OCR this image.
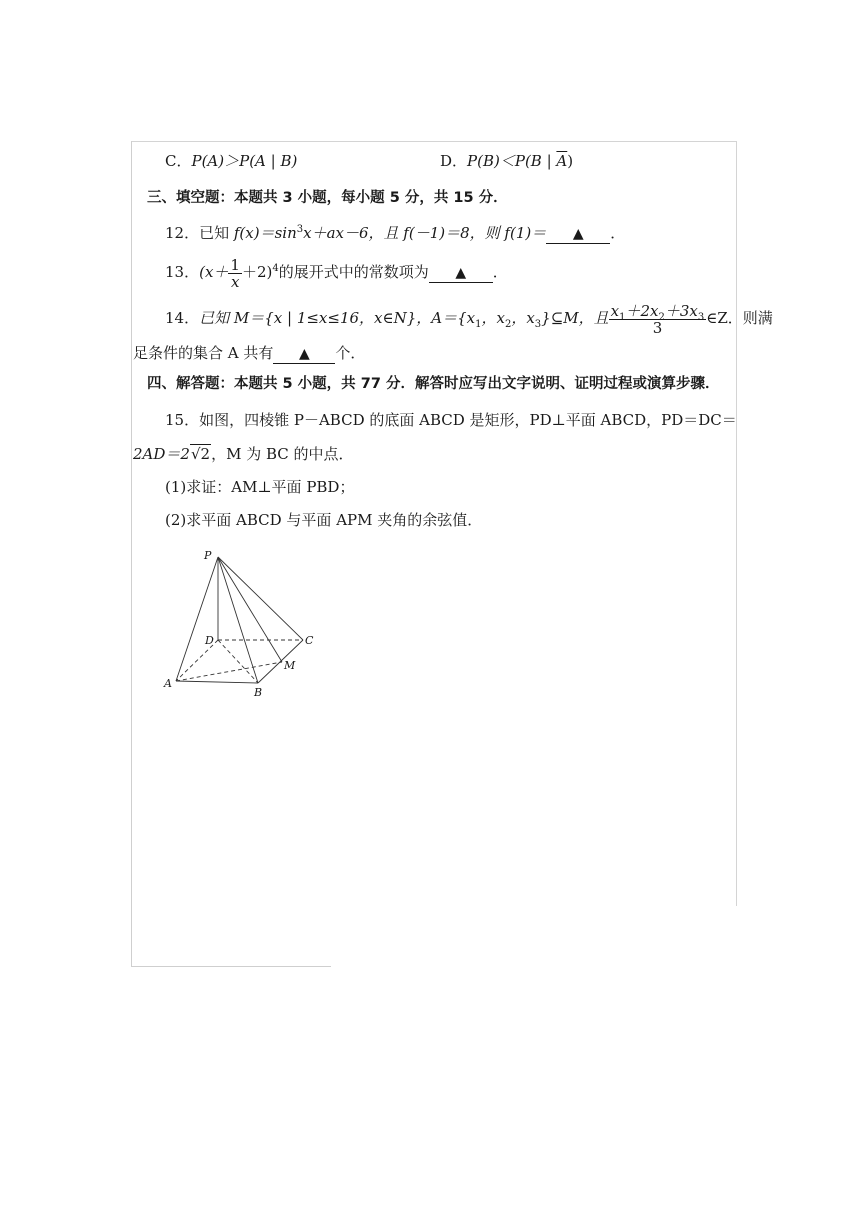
C．P(A)＞P(A | B)	D．P(B)＜P(B | $\overline{A}$)
三、填空题：本题共 3 小题，每小题 5 分，共 15 分．
12．已知 $f(x)=\sin^3x+ax-6$，且 f(－1)＝8，则 f(1)＝ ▲ ．
13．$(x+ \frac{1}{x} +2)^4$的展开式中的常数项为 ▲ ．
14．已知 M＝{x | 1≤x≤16，x∈N}，$A=\{x_1$，$x_2$，$x_3\}⊆M$，且 $\frac{x_1+2x_2+3x_3}{3}$ ∈Z．则满
足条件的集合 A 共有 ▲ 个．
四、解答题：本题共 5 小题，共 77 分．解答时应写出文字说明、证明过程或演算步骤．
15．如图，四棱锥 P－ABCD 的底面 ABCD 是矩形，PD⊥平面 ABCD，PD＝DC＝
2AD＝2√2，M 为 BC 的中点．
(1)求证：AM⊥平面 PBD；
(2)求平面 ABCD 与平面 APM 夹角的余弦值．
P
D	C
M
A
B
